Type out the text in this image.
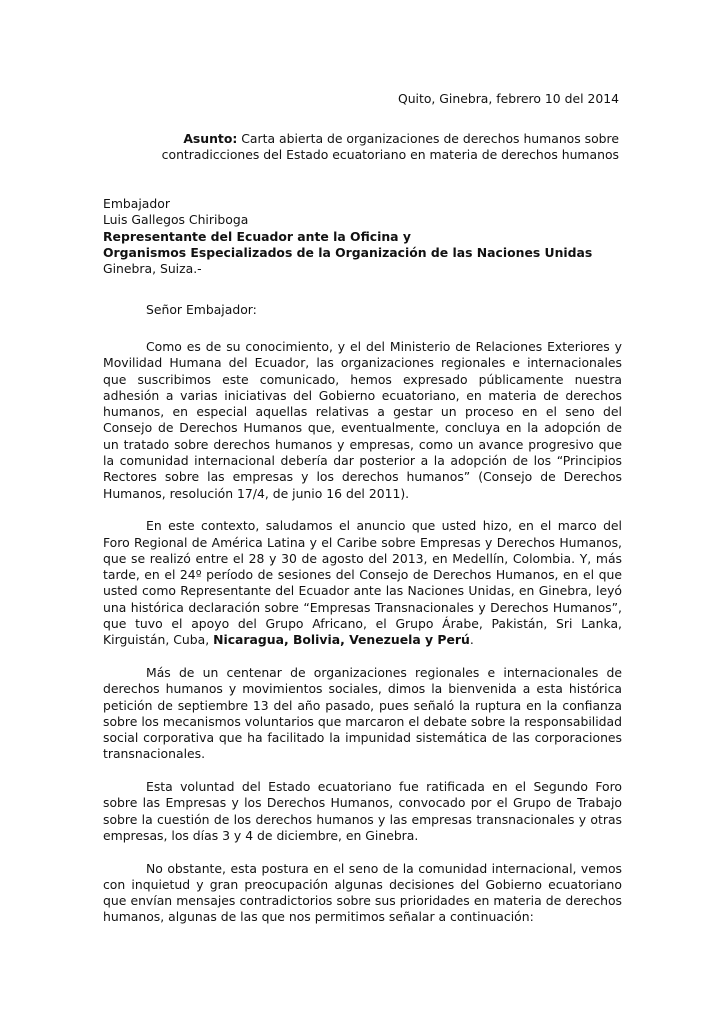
Quito, Ginebra, febrero 10 del 2014
Asunto: Carta abierta de organizaciones de derechos humanos sobre contradicciones del Estado ecuatoriano en materia de derechos humanos
Embajador
Luis Gallegos Chiriboga
Representante del Ecuador ante la Oficina y
Organismos Especializados de la Organización de las Naciones Unidas
Ginebra, Suiza.-
Señor Embajador:

Como es de su conocimiento, y el del Ministerio de Relaciones Exteriores y Movilidad Humana del Ecuador, las organizaciones regionales e internacionales que suscribimos este comunicado, hemos expresado públicamente nuestra adhesión a varias iniciativas del Gobierno ecuatoriano, en materia de derechos humanos, en especial aquellas relativas a gestar un proceso en el seno del Consejo de Derechos Humanos que, eventualmente, concluya en la adopción de un tratado sobre derechos humanos y empresas, como un avance progresivo que la comunidad internacional debería dar posterior a la adopción de los “Principios Rectores sobre las empresas y los derechos humanos” (Consejo de Derechos Humanos, resolución 17/4, de junio 16 del 2011).

En este contexto, saludamos el anuncio que usted hizo, en el marco del Foro Regional de América Latina y el Caribe sobre Empresas y Derechos Humanos, que se realizó entre el 28 y 30 de agosto del 2013, en Medellín, Colombia. Y, más tarde, en el 24º período de sesiones del Consejo de Derechos Humanos, en el que usted como Representante del Ecuador ante las Naciones Unidas, en Ginebra, leyó una histórica declaración sobre “Empresas Transnacionales y Derechos Humanos”, que tuvo el apoyo del Grupo Africano, el Grupo Árabe, Pakistán, Sri Lanka, Kirguistán, Cuba, Nicaragua, Bolivia, Venezuela y Perú.

Más de un centenar de organizaciones regionales e internacionales de derechos humanos y movimientos sociales, dimos la bienvenida a esta histórica petición de septiembre 13 del año pasado, pues señaló la ruptura en la confianza sobre los mecanismos voluntarios que marcaron el debate sobre la responsabilidad social corporativa que ha facilitado la impunidad sistemática de las corporaciones transnacionales.

Esta voluntad del Estado ecuatoriano fue ratificada en el Segundo Foro sobre las Empresas y los Derechos Humanos, convocado por el Grupo de Trabajo sobre la cuestión de los derechos humanos y las empresas transnacionales y otras empresas, los días 3 y 4 de diciembre, en Ginebra.

No obstante, esta postura en el seno de la comunidad internacional, vemos con inquietud y gran preocupación algunas decisiones del Gobierno ecuatoriano que envían mensajes contradictorios sobre sus prioridades en materia de derechos humanos, algunas de las que nos permitimos señalar a continuación:
